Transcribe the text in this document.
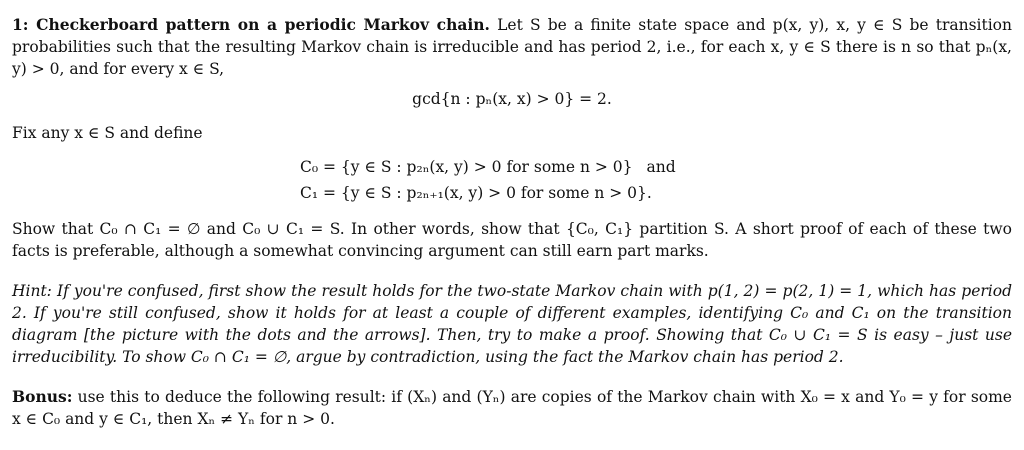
1: Checkerboard pattern on a periodic Markov chain. Let S be a finite state space and p(x, y), x, y ∈ S be transition probabilities such that the resulting Markov chain is irreducible and has period 2, i.e., for each x, y ∈ S there is n so that pₙ(x, y) > 0, and for every x ∈ S,

gcd{n : pₙ(x, x) > 0} = 2.

Fix any x ∈ S and define

C₀ = {y ∈ S : p₂ₙ(x, y) > 0 for some n > 0} and
C₁ = {y ∈ S : p₂ₙ₊₁(x, y) > 0 for some n > 0}.

Show that C₀ ∩ C₁ = ∅ and C₀ ∪ C₁ = S. In other words, show that {C₀, C₁} partition S. A short proof of each of these two facts is preferable, although a somewhat convincing argument can still earn part marks.

Hint: If you're confused, first show the result holds for the two-state Markov chain with p(1, 2) = p(2, 1) = 1, which has period 2. If you're still confused, show it holds for at least a couple of different examples, identifying C₀ and C₁ on the transition diagram [the picture with the dots and the arrows]. Then, try to make a proof. Showing that C₀ ∪ C₁ = S is easy – just use irreducibility. To show C₀ ∩ C₁ = ∅, argue by contradiction, using the fact the Markov chain has period 2.

Bonus: use this to deduce the following result: if (Xₙ) and (Yₙ) are copies of the Markov chain with X₀ = x and Y₀ = y for some x ∈ C₀ and y ∈ C₁, then Xₙ ≠ Yₙ for n > 0.
